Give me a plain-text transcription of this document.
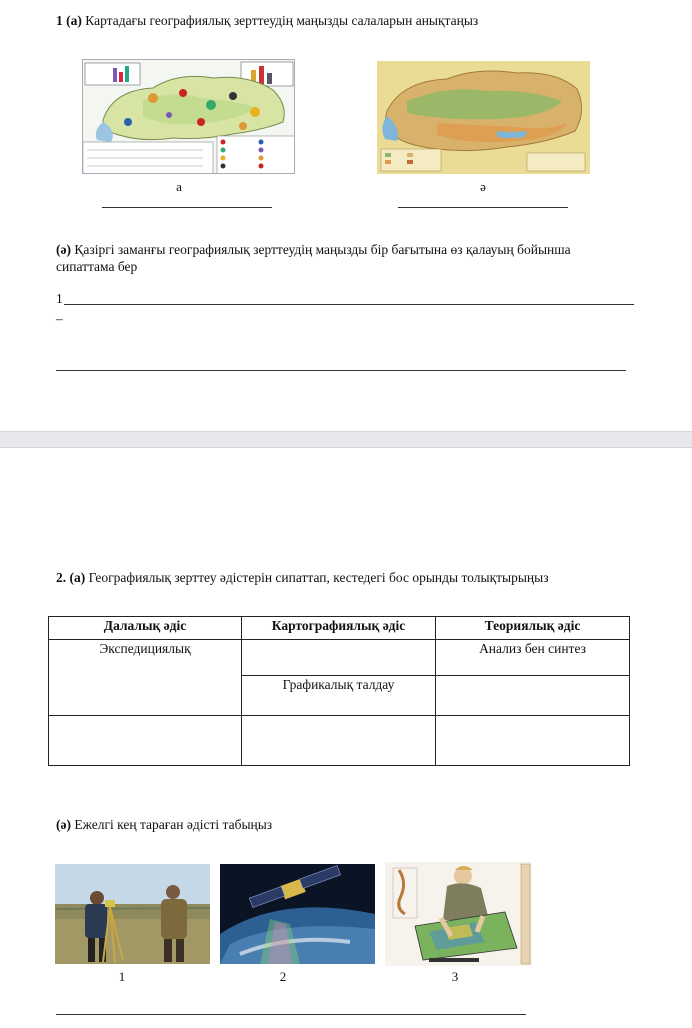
1 (а) Картадағы географиялық зерттеудің маңызды салаларын анықтаңыз
а	ә
(ә) Қазіргі заманғы географиялық зерттеудің маңызды бір бағытына өз қалауың бойынша
сипаттама бер
1
–
2. (а) Географиялық зерттеу әдістерін сипаттап, кестедегі бос орынды толықтырыңыз
Далалық әдіс	Картографиялық әдіс	Теориялық әдіс
Экспедициялық		Анализ бен синтез
	Графикалық талдау	

(ә) Ежелгі кең тараған әдісті табыңыз
1	2	3
